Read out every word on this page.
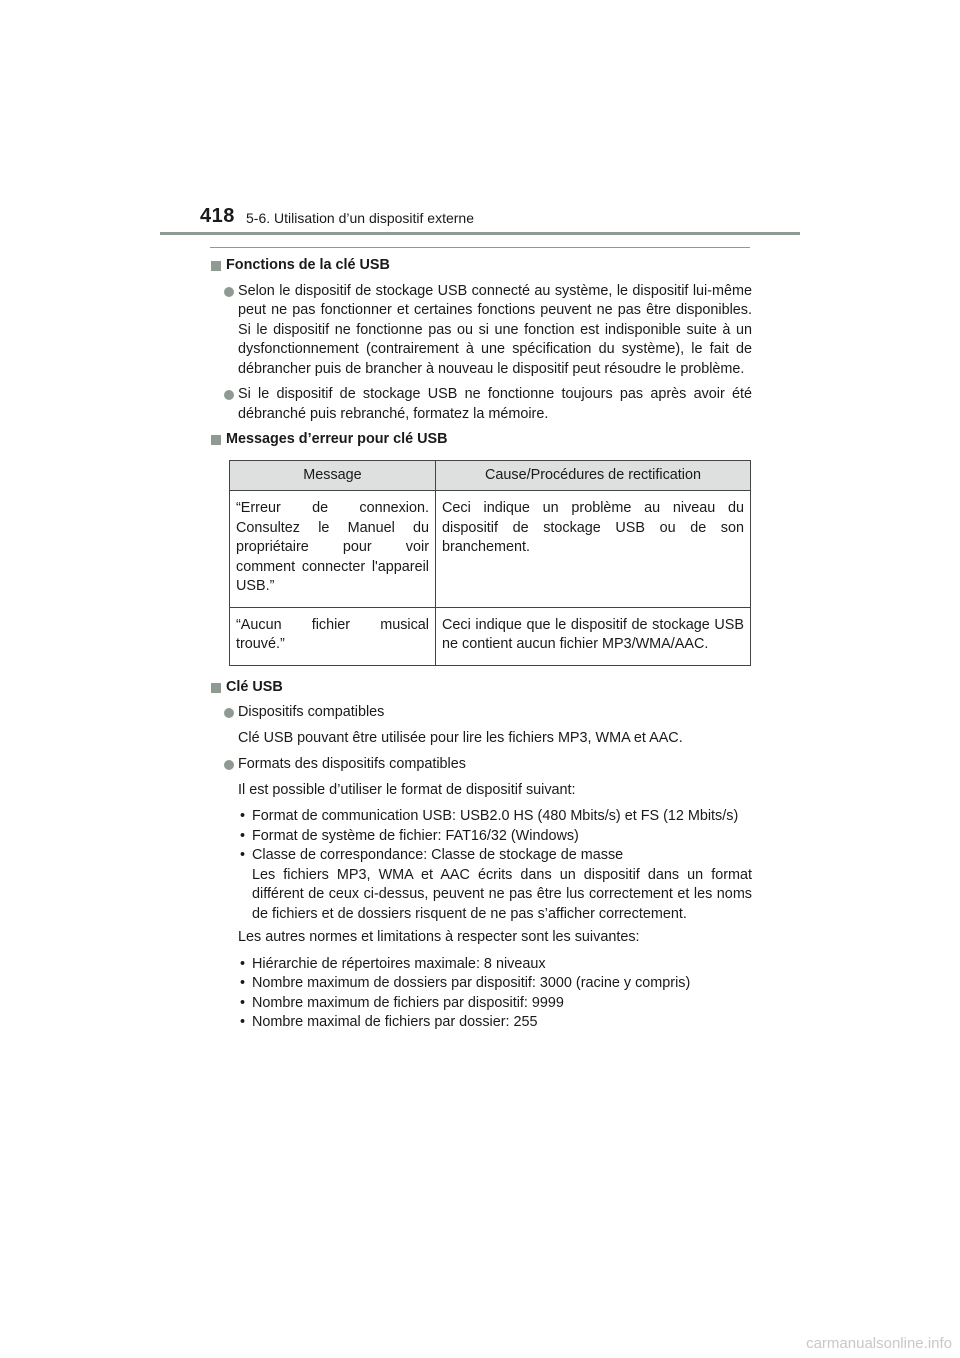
418 5-6. Utilisation d’un dispositif externe
Fonctions de la clé USB
Selon le dispositif de stockage USB connecté au système, le dispositif lui-même peut ne pas fonctionner et certaines fonctions peuvent ne pas être disponibles. Si le dispositif ne fonctionne pas ou si une fonction est indisponible suite à un dysfonctionnement (contrairement à une spécification du système), le fait de débrancher puis de brancher à nouveau le dispositif peut résoudre le problème.
Si le dispositif de stockage USB ne fonctionne toujours pas après avoir été débranché puis rebranché, formatez la mémoire.
Messages d’erreur pour clé USB
Message	Cause/Procédures de rectification
“Erreur de connexion. Consultez le Manuel du propriétaire pour voir comment connecter l'appareil USB.”	Ceci indique un problème au niveau du dispositif de stockage USB ou de son branchement.
“Aucun fichier musical trouvé.”	Ceci indique que le dispositif de stockage USB ne contient aucun fichier MP3/WMA/AAC.
Clé USB
Dispositifs compatibles
Clé USB pouvant être utilisée pour lire les fichiers MP3, WMA et AAC.
Formats des dispositifs compatibles
Il est possible d’utiliser le format de dispositif suivant:
• Format de communication USB: USB2.0 HS (480 Mbits/s) et FS (12 Mbits/s)
• Format de système de fichier: FAT16/32 (Windows)
• Classe de correspondance: Classe de stockage de masse
Les fichiers MP3, WMA et AAC écrits dans un dispositif dans un format différent de ceux ci-dessus, peuvent ne pas être lus correctement et les noms de fichiers et de dossiers risquent de ne pas s’afficher correctement.
Les autres normes et limitations à respecter sont les suivantes:
• Hiérarchie de répertoires maximale: 8 niveaux
• Nombre maximum de dossiers par dispositif: 3000 (racine y compris)
• Nombre maximum de fichiers par dispositif: 9999
• Nombre maximal de fichiers par dossier: 255
carmanualsonline.info
